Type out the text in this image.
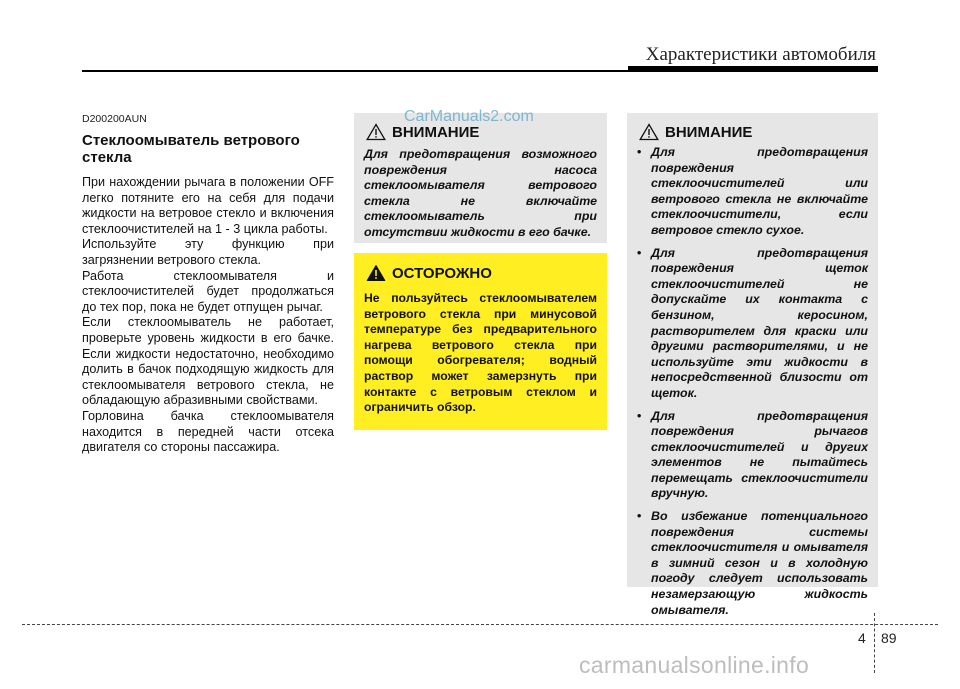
Характеристики автомобиля
D200200AUN
Стеклоомыватель ветрового стекла

При нахождении рычага в положении OFF легко потяните его на себя для подачи жидкости на ветровое стекло и включения стеклоочистителей на 1 - 3 цикла работы.

Используйте эту функцию при загрязнении ветрового стекла.

Работа стеклоомывателя и стеклоочистителей будет продолжаться до тех пор, пока не будет отпущен рычаг.

Если стеклоомыватель не работает, проверьте уровень жидкости в его бачке. Если жидкости недостаточно, необходимо долить в бачок подходящую жидкость для стеклоомывателя ветрового стекла, не обладающую абразивными свойствами.

Горловина бачка стеклоомывателя находится в передней части отсека двигателя со стороны пассажира.

ВНИМАНИЕ
Для предотвращения возможного повреждения насоса стеклоомывателя ветрового стекла не включайте стеклоомыватель при отсутствии жидкости в его бачке.
ОСТОРОЖНО
Не пользуйтесь стеклоомывателем ветрового стекла при минусовой температуре без предварительного нагрева ветрового стекла при помощи обогревателя; водный раствор может замерзнуть при контакте с ветровым стеклом и ограничить обзор.
ВНИМАНИЕ
• Для предотвращения повреждения стеклоочистителей или ветрового стекла не включайте стеклоочистители, если ветровое стекло сухое.
• Для предотвращения повреждения щеток стеклоочистителей не допускайте их контакта с бензином, керосином, растворителем для краски или другими растворителями, и не используйте эти жидкости в непосредственной близости от щеток.
• Для предотвращения повреждения рычагов стеклоочистителей и других элементов не пытайтесь перемещать стеклоочистители вручную.
• Во избежание потенциального повреждения системы стеклоочистителя и омывателя в зимний сезон и в холодную погоду следует использовать незамерзающую жидкость омывателя.
CarManuals2.com
4 89
carmanualsonline.info
